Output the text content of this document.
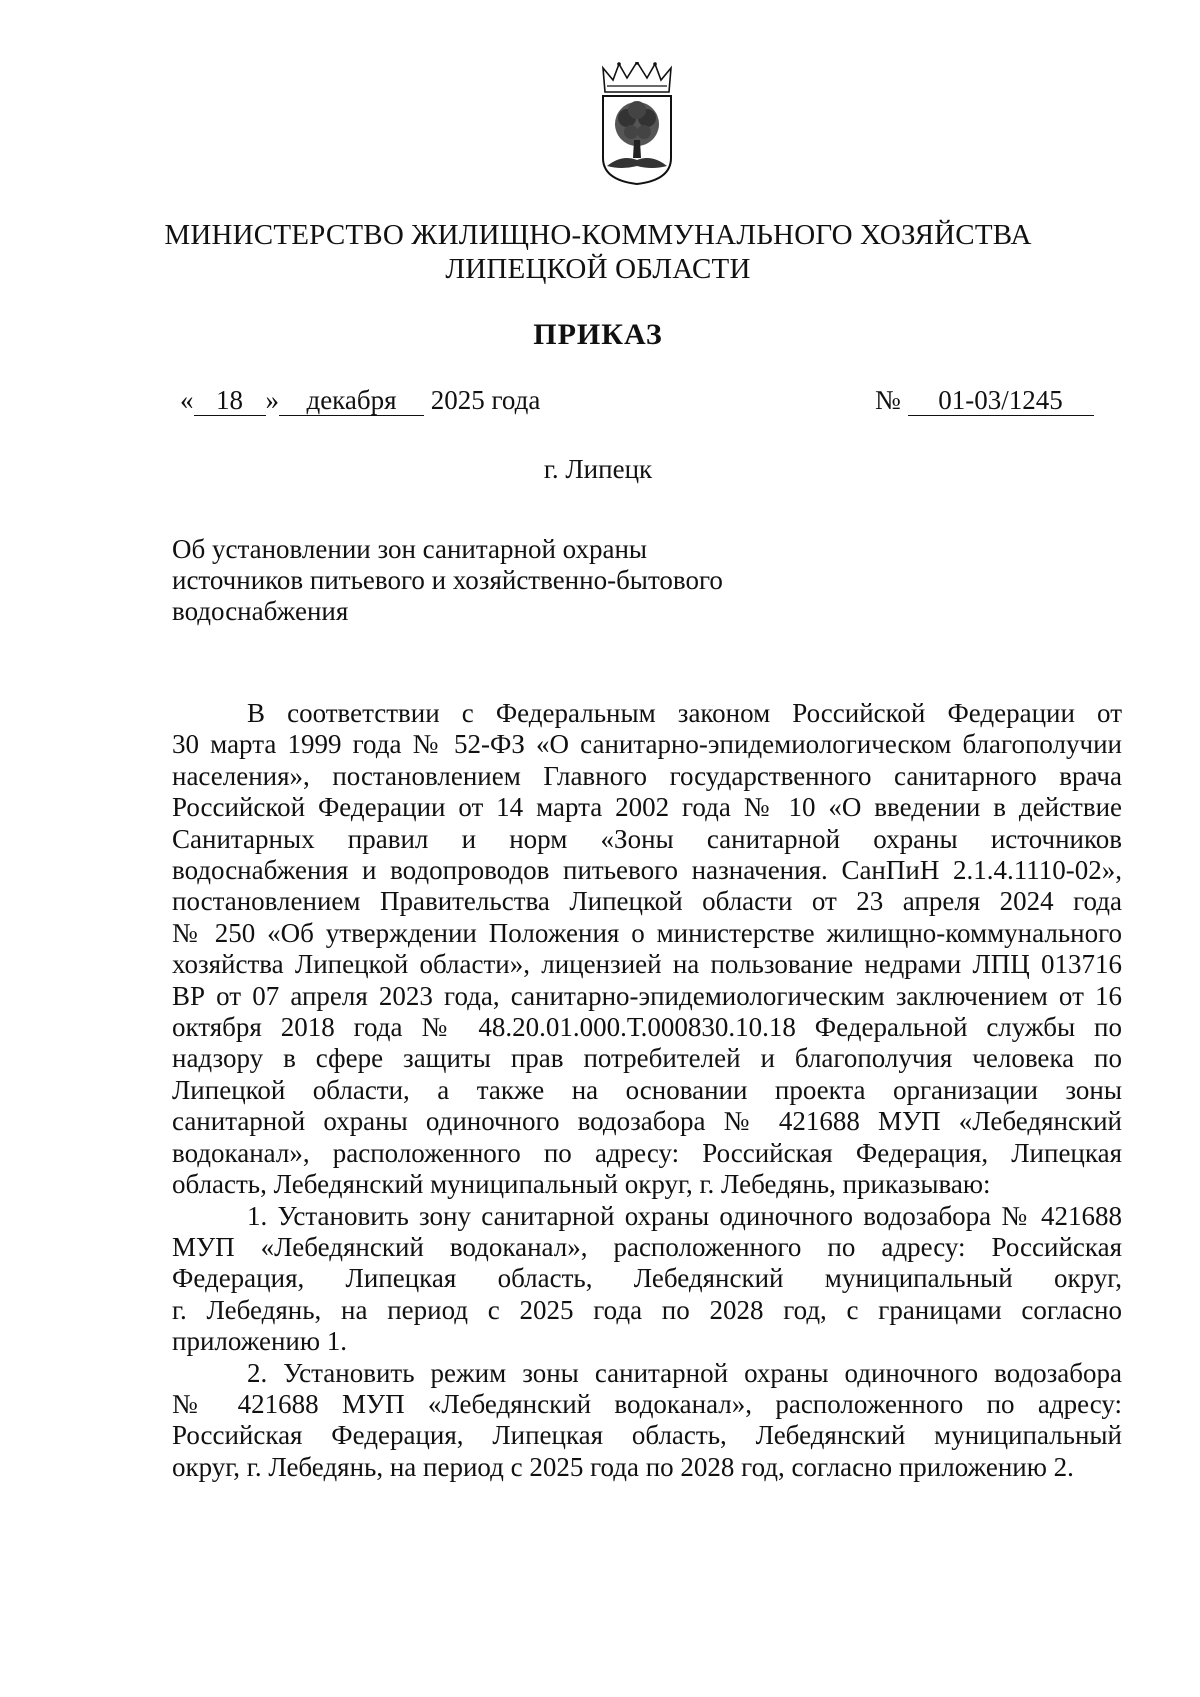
МИНИСТЕРСТВО ЖИЛИЩНО-КОММУНАЛЬНОГО ХОЗЯЙСТВА
ЛИПЕЦКОЙ ОБЛАСТИ
ПРИКАЗ
« 18 » декабря 2025 года	№ 01-03/1245
г. Липецк
Об установлении зон санитарной охраны
источников питьевого и хозяйственно-бытового
водоснабжения

В соответствии с Федеральным законом Российской Федерации от

30 марта 1999 года № 52-ФЗ «О санитарно-эпидемиологическом благополучии

населения», постановлением Главного государственного санитарного врача

Российской Федерации от 14 марта 2002 года № 10 «О введении в действие

Санитарных правил и норм «Зоны санитарной охраны источников

водоснабжения и водопроводов питьевого назначения. СанПиН 2.1.4.1110-02»,

постановлением Правительства Липецкой области от 23 апреля 2024 года

№ 250 «Об утверждении Положения о министерстве жилищно-коммунального

хозяйства Липецкой области», лицензией на пользование недрами ЛПЦ 013716

ВР от 07 апреля 2023 года, санитарно-эпидемиологическим заключением от 16

октября 2018 года № 48.20.01.000.Т.000830.10.18 Федеральной службы по

надзору в сфере защиты прав потребителей и благополучия человека по

Липецкой области, а также на основании проекта организации зоны

санитарной охраны одиночного водозабора № 421688 МУП «Лебедянский

водоканал», расположенного по адресу: Российская Федерация, Липецкая

область, Лебедянский муниципальный округ, г. Лебедянь, приказываю:

1. Установить зону санитарной охраны одиночного водозабора № 421688

МУП «Лебедянский водоканал», расположенного по адресу: Российская

Федерация, Липецкая область, Лебедянский муниципальный округ,

г. Лебедянь, на период с 2025 года по 2028 год, с границами согласно

приложению 1.

2. Установить режим зоны санитарной охраны одиночного водозабора

№ 421688 МУП «Лебедянский водоканал», расположенного по адресу:

Российская Федерация, Липецкая область, Лебедянский муниципальный

округ, г. Лебедянь, на период с 2025 года по 2028 год, согласно приложению 2.
